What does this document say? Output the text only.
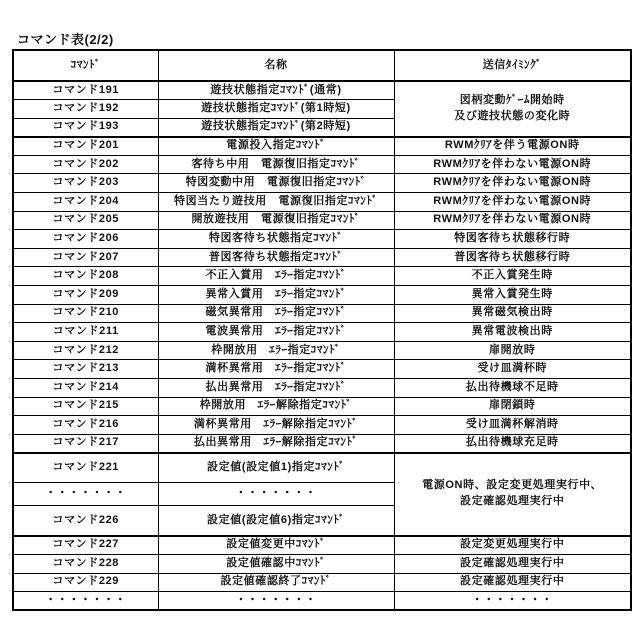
コマンド表(2/2)
ｺﾏﾝﾄﾞ	名称	送信ﾀｲﾐﾝｸﾞ
コマンド191	遊技状態指定ｺﾏﾝﾄﾞ(通常)	図柄変動ｹﾞｰﾑ開始時
及び遊技状態の変化時
コマンド192	遊技状態指定ｺﾏﾝﾄﾞ(第1時短)	
コマンド193	遊技状態指定ｺﾏﾝﾄﾞ(第2時短)	
コマンド201	電源投入指定ｺﾏﾝﾄﾞ	RWMｸﾘｱを伴う電源ON時
コマンド202	客待ち中用　電源復旧指定ｺﾏﾝﾄﾞ	RWMｸﾘｱを伴わない電源ON時
コマンド203	特図変動中用　電源復旧指定ｺﾏﾝﾄﾞ	RWMｸﾘｱを伴わない電源ON時
コマンド204	特図当たり遊技用　電源復旧指定ｺﾏﾝﾄﾞ	RWMｸﾘｱを伴わない電源ON時
コマンド205	開放遊技用　電源復旧指定ｺﾏﾝﾄﾞ	RWMｸﾘｱを伴わない電源ON時
コマンド206	特図客待ち状態指定ｺﾏﾝﾄﾞ	特図客待ち状態移行時
コマンド207	普図客待ち状態指定ｺﾏﾝﾄﾞ	普図客待ち状態移行時
コマンド208	不正入賞用　ｴﾗｰ指定ｺﾏﾝﾄﾞ	不正入賞発生時
コマンド209	異常入賞用　ｴﾗｰ指定ｺﾏﾝﾄﾞ	異常入賞発生時
コマンド210	磁気異常用　ｴﾗｰ指定ｺﾏﾝﾄﾞ	異常磁気検出時
コマンド211	電波異常用　ｴﾗｰ指定ｺﾏﾝﾄﾞ	異常電波検出時
コマンド212	枠開放用　ｴﾗｰ指定ｺﾏﾝﾄﾞ	扉開放時
コマンド213	満杯異常用　ｴﾗｰ指定ｺﾏﾝﾄﾞ	受け皿満杯時
コマンド214	払出異常用　ｴﾗｰ指定ｺﾏﾝﾄﾞ	払出待機球不足時
コマンド215	枠開放用　ｴﾗｰ解除指定ｺﾏﾝﾄﾞ	扉閉鎖時
コマンド216	満杯異常用　ｴﾗｰ解除指定ｺﾏﾝﾄﾞ	受け皿満杯解消時
コマンド217	払出異常用　ｴﾗｰ解除指定ｺﾏﾝﾄﾞ	払出待機球充足時
コマンド221	設定値(設定値1)指定ｺﾏﾝﾄﾞ	電源ON時、設定変更処理実行中、
設定確認処理実行中
・・・・・・・	・・・・・・・	
コマンド226	設定値(設定値6)指定ｺﾏﾝﾄﾞ	
コマンド227	設定値変更中ｺﾏﾝﾄﾞ	設定変更処理実行中
コマンド228	設定値確認中ｺﾏﾝﾄﾞ	設定確認処理実行中
コマンド229	設定値確認終了ｺﾏﾝﾄﾞ	設定確認処理実行中
・・・・・・・	・・・・・・・	・・・・・・・
